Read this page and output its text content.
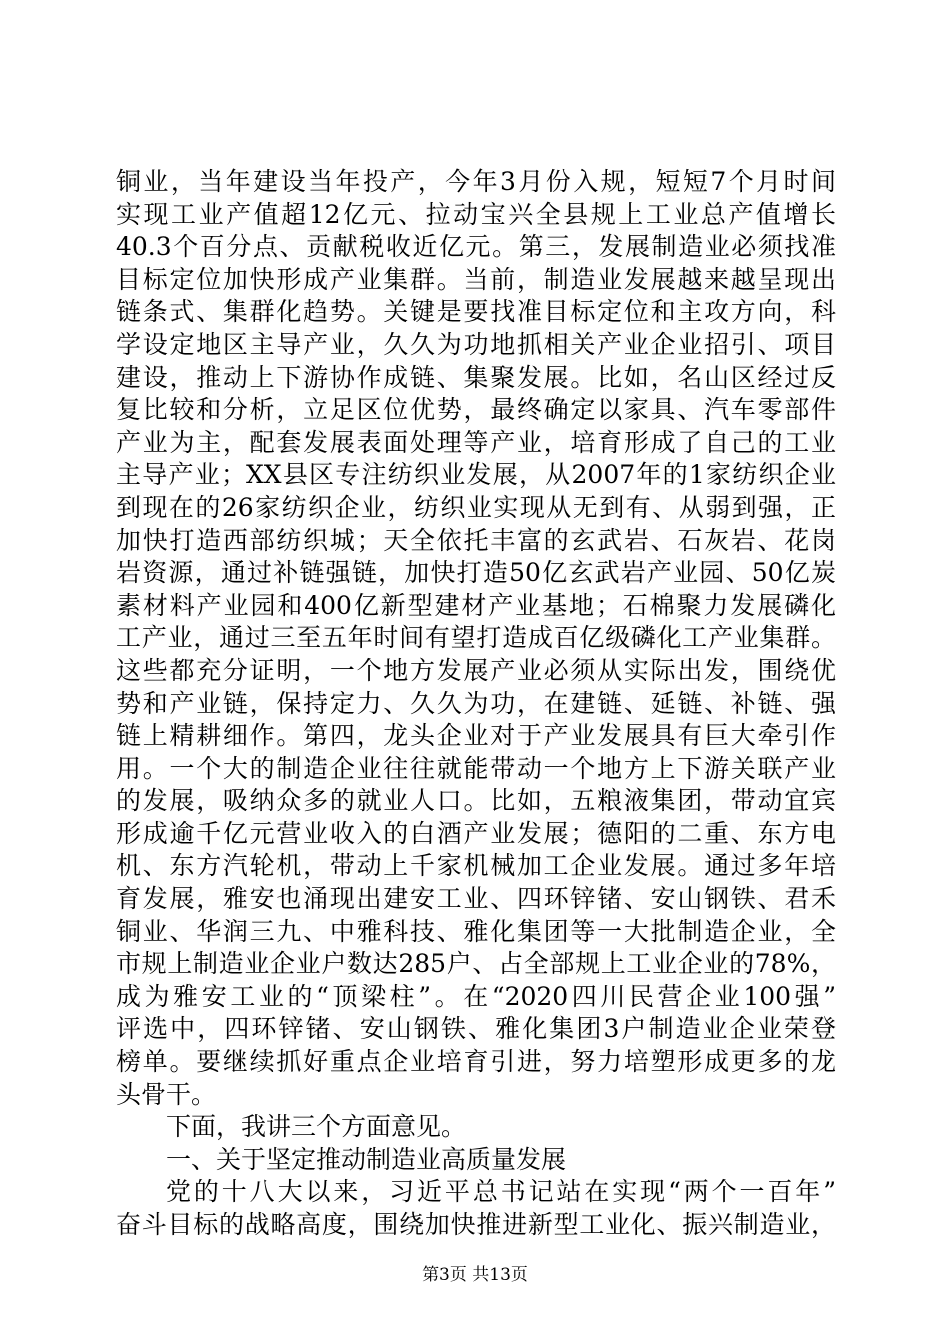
铜业，当年建设当年投产，今年3月份入规，短短7个月时间
实现工业产值超12亿元、拉动宝兴全县规上工业总产值增长
40.3个百分点、贡献税收近亿元。第三，发展制造业必须找准
目标定位加快形成产业集群。当前，制造业发展越来越呈现出
链条式、集群化趋势。关键是要找准目标定位和主攻方向，科
学设定地区主导产业，久久为功地抓相关产业企业招引、项目
建设，推动上下游协作成链、集聚发展。比如，名山区经过反
复比较和分析，立足区位优势，最终确定以家具、汽车零部件
产业为主，配套发展表面处理等产业，培育形成了自己的工业
主导产业；XX县区专注纺织业发展，从2007年的1家纺织企业
到现在的26家纺织企业，纺织业实现从无到有、从弱到强，正
加快打造西部纺织城；天全依托丰富的玄武岩、石灰岩、花岗
岩资源，通过补链强链，加快打造50亿玄武岩产业园、50亿炭
素材料产业园和400亿新型建材产业基地；石棉聚力发展磷化
工产业，通过三至五年时间有望打造成百亿级磷化工产业集群。
这些都充分证明，一个地方发展产业必须从实际出发，围绕优
势和产业链，保持定力、久久为功，在建链、延链、补链、强
链上精耕细作。第四，龙头企业对于产业发展具有巨大牵引作
用。一个大的制造企业往往就能带动一个地方上下游关联产业
的发展，吸纳众多的就业人口。比如，五粮液集团，带动宜宾
形成逾千亿元营业收入的白酒产业发展；德阳的二重、东方电
机、东方汽轮机，带动上千家机械加工企业发展。通过多年培
育发展，雅安也涌现出建安工业、四环锌锗、安山钢铁、君禾
铜业、华润三九、中雅科技、雅化集团等一大批制造企业，全
市规上制造业企业户数达285户、占全部规上工业企业的78%，
成为雅安工业的“顶梁柱”。在“2020四川民营企业100强”
评选中，四环锌锗、安山钢铁、雅化集团3户制造业企业荣登
榜单。要继续抓好重点企业培育引进，努力培塑形成更多的龙
头骨干。
下面，我讲三个方面意见。
一、关于坚定推动制造业高质量发展
党的十八大以来，习近平总书记站在实现“两个一百年”
奋斗目标的战略高度，围绕加快推进新型工业化、振兴制造业，
第3页 共13页
